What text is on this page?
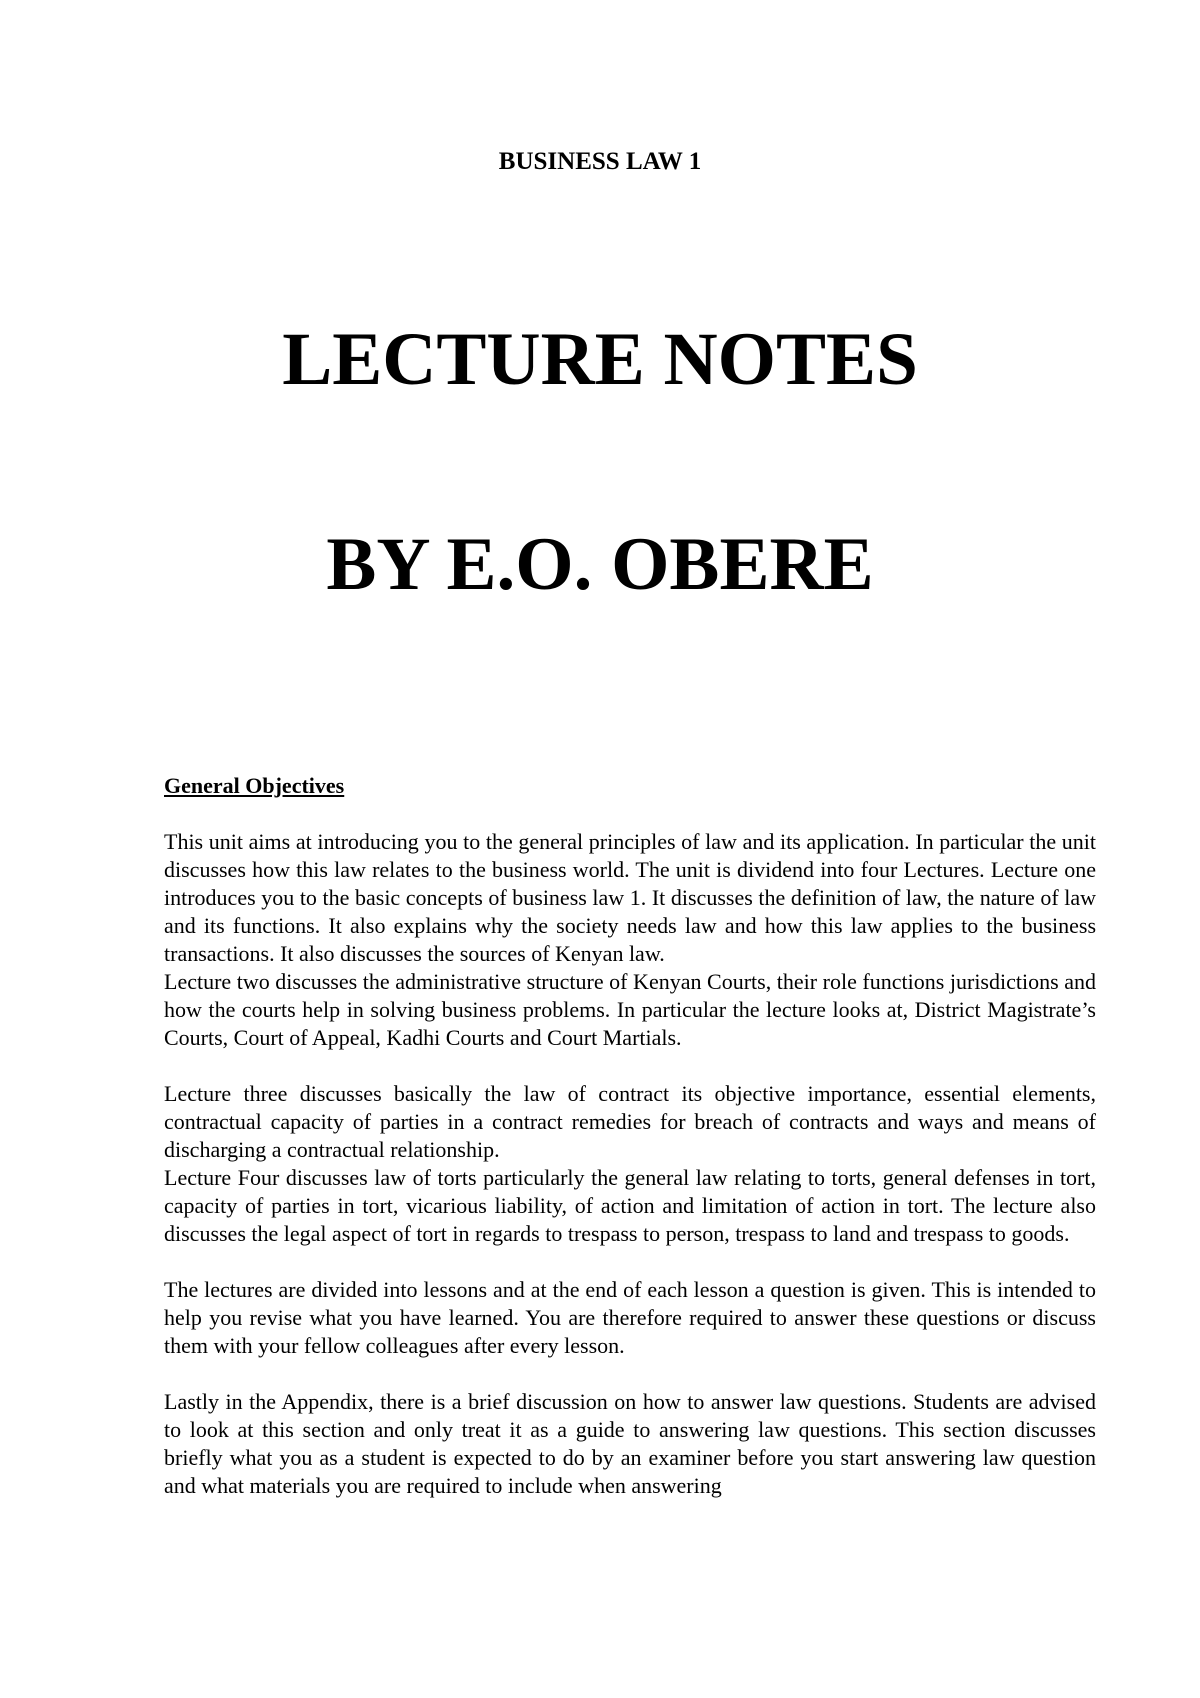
BUSINESS LAW 1

LECTURE NOTES
BY E.O. OBERE

General Objectives

This unit aims at introducing you to the general principles of law and its application. In particular the unit discusses how this law relates to the business world. The unit is dividend into four Lectures. Lecture one introduces you to the basic concepts of business law 1. It discusses the definition of law, the nature of law and its functions. It also explains why the society needs law and how this law applies to the business transactions. It also discusses the sources of Kenyan law.

Lecture two discusses the administrative structure of Kenyan Courts, their role functions jurisdictions and how the courts help in solving business problems. In particular the lecture looks at, District Magistrate’s Courts, Court of Appeal, Kadhi Courts and Court Martials.

Lecture three discusses basically the law of contract its objective importance, essential elements, contractual capacity of parties in a contract remedies for breach of contracts and ways and means of discharging a contractual relationship.

Lecture Four discusses law of torts particularly the general law relating to torts, general defenses in tort, capacity of parties in tort, vicarious liability, of action and limitation of action in tort. The lecture also discusses the legal aspect of tort in regards to trespass to person, trespass to land and trespass to goods.

The lectures are divided into lessons and at the end of each lesson a question is given. This is intended to help you revise what you have learned. You are therefore required to answer these questions or discuss them with your fellow colleagues after every lesson.

Lastly in the Appendix, there is a brief discussion on how to answer law questions. Students are advised to look at this section and only treat it as a guide to answering law questions. This section discusses briefly what you as a student is expected to do by an examiner before you start answering law question and what materials you are required to include when answering
